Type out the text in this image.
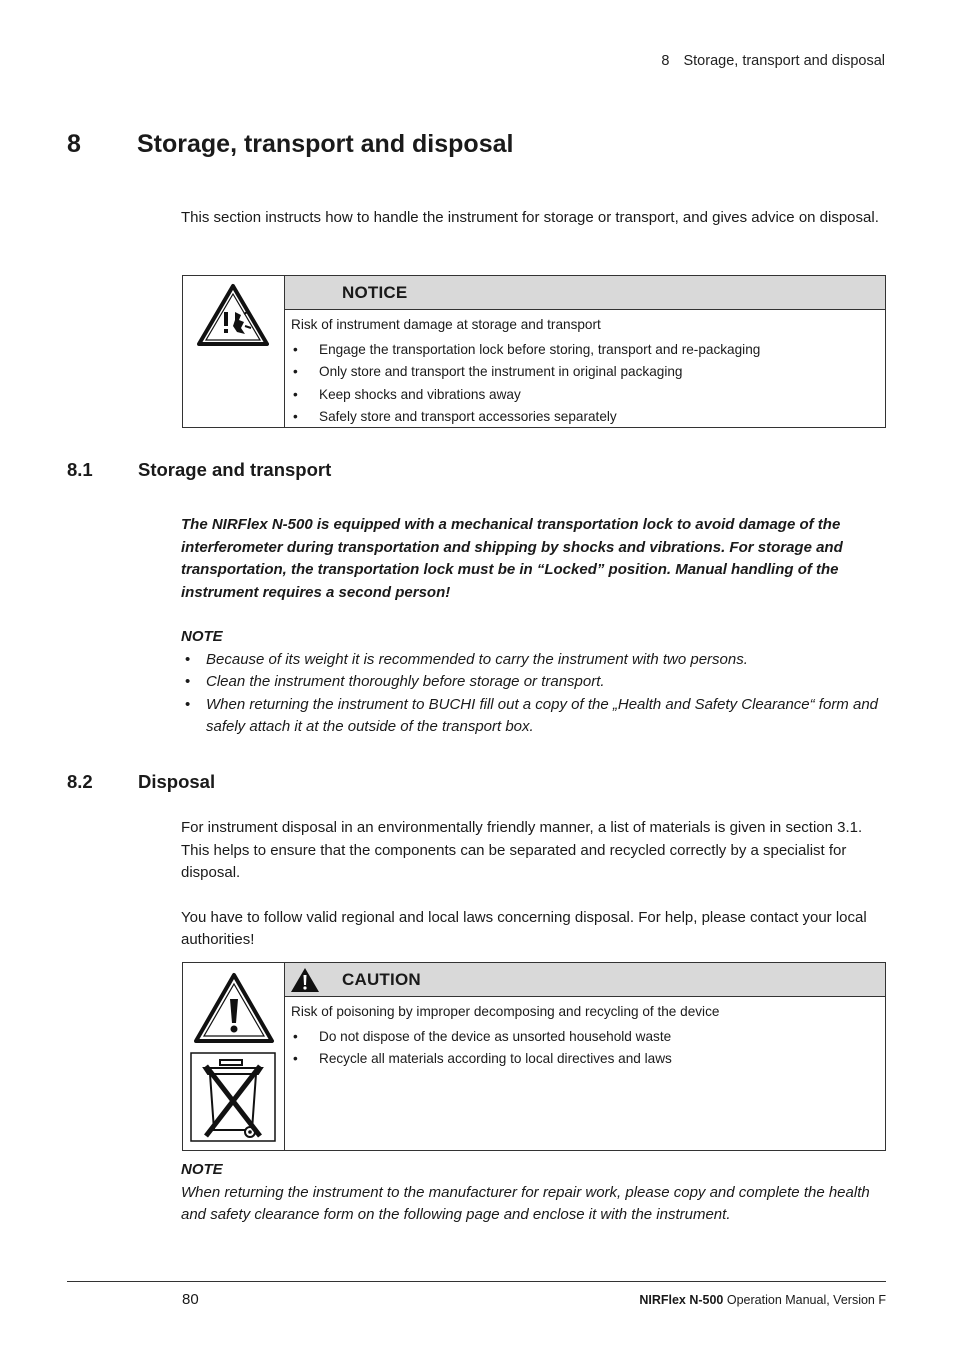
8 Storage, transport and disposal
8 Storage, transport and disposal

This section instructs how to handle the instrument for storage or transport, and gives advice on disposal.

NOTICE
Risk of instrument damage at storage and transport
• Engage the transportation lock before storing, transport and re-packaging
• Only store and transport the instrument in original packaging
• Keep shocks and vibrations away
• Safely store and transport accessories separately
8.1 Storage and transport

The NIRFlex N-500 is equipped with a mechanical transportation lock to avoid damage of the interferometer during transportation and shipping by shocks and vibrations. For storage and transportation, the transportation lock must be in “Locked” position. Manual handling of the instrument requires a second person!

NOTE

• Because of its weight it is recommended to carry the instrument with two persons.
• Clean the instrument thoroughly before storage or transport.
• When returning the instrument to BUCHI fill out a copy of the „Health and Safety Clearance“ form and safely attach it at the outside of the transport box.
8.2 Disposal

For instrument disposal in an environmentally friendly manner, a list of materials is given in section 3.1. This helps to ensure that the components can be separated and recycled correctly by a specialist for disposal.

You have to follow valid regional and local laws concerning disposal. For help, please contact your local authorities!

CAUTION
Risk of poisoning by improper decomposing and recycling of the device
• Do not dispose of the device as unsorted household waste
• Recycle all materials according to local directives and laws

NOTE

When returning the instrument to the manufacturer for repair work, please copy and complete the health and safety clearance form on the following page and enclose it with the instrument.

80	NIRFlex N-500 Operation Manual, Version F
